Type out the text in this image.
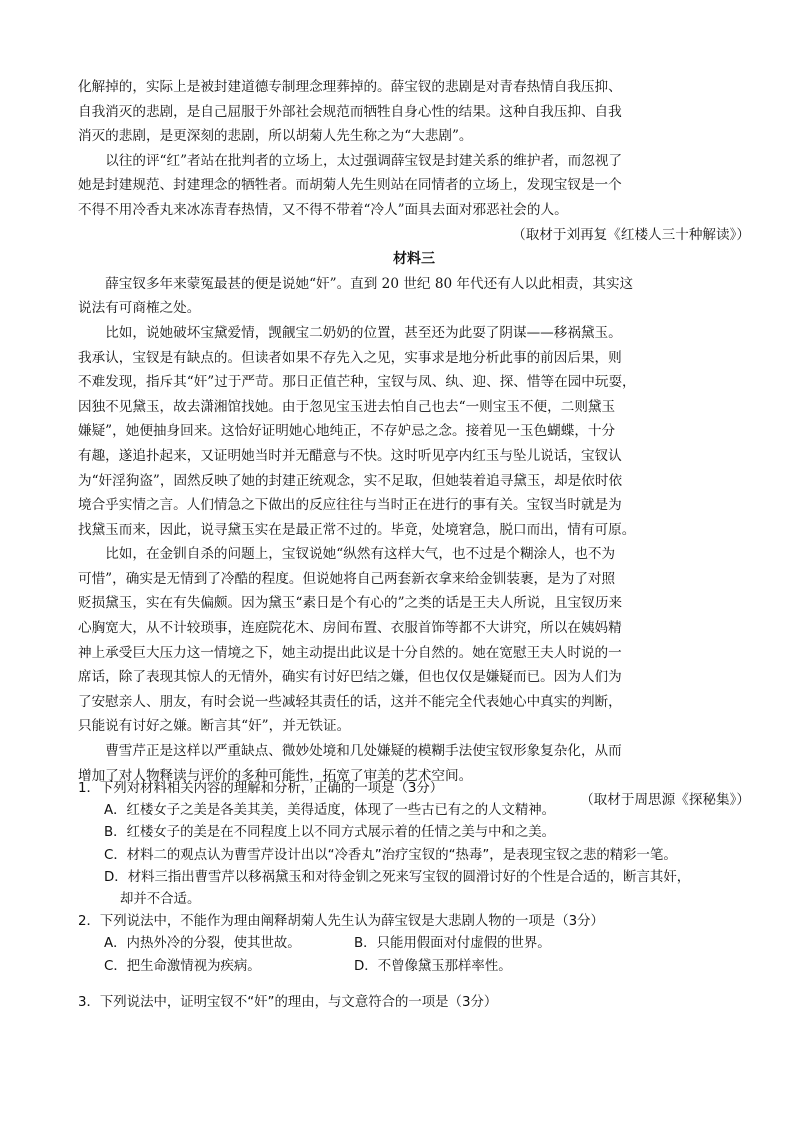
化解掉的，实际上是被封建道德专制理念理葬掉的。薛宝钗的悲剧是对青春热情自我压抑、

自我消灭的悲剧，是自己屈服于外部社会规范而牺牲自身心性的结果。这种自我压抑、自我

消灭的悲剧，是更深刻的悲剧，所以胡菊人先生称之为“大悲剧”。

以往的评“红”者站在批判者的立场上，太过强调薛宝钗是封建关系的维护者，而忽视了

她是封建规范、封建理念的牺牲者。而胡菊人先生则站在同情者的立场上，发现宝钗是一个

不得不用冷香丸来冰冻青春热情，又不得不带着“冷人”面具去面对邪恶社会的人。

（取材于刘再复《红楼人三十种解读》）

材料三

薛宝钗多年来蒙冤最甚的便是说她“奸”。直到 20 世纪 80 年代还有人以此相责，其实这

说法有可商榷之处。

比如，说她破坏宝黛爱情，觊觎宝二奶奶的位置，甚至还为此耍了阴谋——移祸黛玉。

我承认，宝钗是有缺点的。但读者如果不存先入之见，实事求是地分析此事的前因后果，则

不难发现，指斥其“奸”过于严苛。那日正值芒种，宝钗与凤、纨、迎、探、惜等在园中玩耍，

因独不见黛玉，故去潇湘馆找她。由于忽见宝玉进去怕自己也去“一则宝玉不便，二则黛玉

嫌疑”，她便抽身回来。这恰好证明她心地纯正，不存妒忌之念。接着见一玉色蝴蝶，十分

有趣，遂追扑起来，又证明她当时并无醋意与不快。这时听见亭内红玉与坠儿说话，宝钗认

为“奸淫狗盗”，固然反映了她的封建正统观念，实不足取，但她装着追寻黛玉，却是依时依

境合乎实情之言。人们情急之下做出的反应往往与当时正在进行的事有关。宝钗当时就是为

找黛玉而来，因此，说寻黛玉实在是最正常不过的。毕竟，处境窘急，脱口而出，情有可原。

比如，在金钏自杀的问题上，宝钗说她“纵然有这样大气，也不过是个糊涂人，也不为

可惜”，确实是无情到了冷酷的程度。但说她将自己两套新衣拿来给金钏装裹，是为了对照

贬损黛玉，实在有失偏颇。因为黛玉“素日是个有心的”之类的话是王夫人所说，且宝钗历来

心胸宽大，从不计较琐事，连庭院花木、房间布置、衣服首饰等都不大讲究，所以在姨妈精

神上承受巨大压力这一情境之下，她主动提出此议是十分自然的。她在宽慰王夫人时说的一

席话，除了表现其惊人的无情外，确实有讨好巴结之嫌，但也仅仅是嫌疑而已。因为人们为

了安慰亲人、朋友，有时会说一些减轻其责任的话，这并不能完全代表她心中真实的判断，

只能说有讨好之嫌。断言其“奸”，并无铁证。

曹雪芹正是这样以严重缺点、微妙处境和几处嫌疑的模糊手法使宝钗形象复杂化，从而

增加了对人物释读与评价的多种可能性，拓宽了审美的艺术空间。

（取材于周思源《探秘集》）

1．下列对材料相关内容的理解和分析，正确的一项是（3分）

A．红楼女子之美是各美其美，美得适度，体现了一些古已有之的人文精神。

B．红楼女子的美是在不同程度上以不同方式展示着的任情之美与中和之美。

C．材料二的观点认为曹雪芹设计出以“冷香丸”治疗宝钗的“热毒”，是表现宝钗之悲的精彩一笔。

D．材料三指出曹雪芹以移祸黛玉和对待金钏之死来写宝钗的圆滑讨好的个性是合适的，断言其奸，

却并不合适。

2．下列说法中，不能作为理由阐释胡菊人先生认为薛宝钗是大悲剧人物的一项是（3分）

A．内热外冷的分裂，使其世故。	B．只能用假面对付虚假的世界。
C．把生命激情视为疾病。	D．不曾像黛玉那样率性。

3．下列说法中，证明宝钗不“奸”的理由，与文意符合的一项是（3分）
